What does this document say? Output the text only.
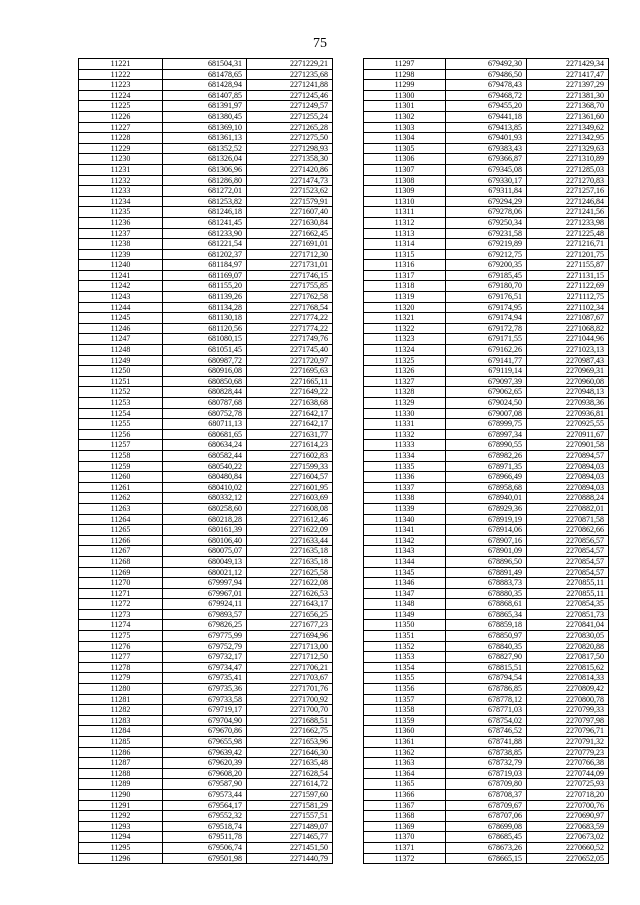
75
11221	681504,31	2271229,21
11222	681478,65	2271235,68
11223	681428,94	2271241,88
11224	681407,85	2271245,46
11225	681391,97	2271249,57
11226	681380,45	2271255,24
11227	681369,10	2271265,28
11228	681361,13	2271275,50
11229	681352,52	2271298,93
11230	681326,04	2271358,30
11231	681306,96	2271420,86
11232	681286,80	2271474,73
11233	681272,01	2271523,62
11234	681253,82	2271579,91
11235	681246,18	2271607,40
11236	681241,45	2271630,84
11237	681233,90	2271662,45
11238	681221,54	2271691,01
11239	681202,37	2271712,30
11240	681184,97	2271731,01
11241	681169,07	2271746,15
11242	681155,20	2271755,85
11243	681139,26	2271762,58
11244	681134,28	2271768,54
11245	681130,18	2271774,22
11246	681120,56	2271774,22
11247	681080,15	2271749,76
11248	681051,45	2271745,40
11249	680987,72	2271720,97
11250	680916,08	2271695,63
11251	680850,68	2271665,11
11252	680828,44	2271649,22
11253	680787,68	2271638,68
11254	680752,78	2271642,17
11255	680711,13	2271642,17
11256	680681,65	2271631,77
11257	680634,24	2271614,23
11258	680582,44	2271602,83
11259	680540,22	2271599,33
11260	680480,84	2271604,57
11261	680410,02	2271601,95
11262	680332,12	2271603,69
11263	680258,60	2271608,08
11264	680218,28	2271612,46
11265	680161,39	2271622,09
11266	680106,40	2271633,44
11267	680075,07	2271635,18
11268	680049,13	2271635,18
11269	680021,12	2271625,58
11270	679997,94	2271622,08
11271	679967,01	2271626,53
11272	679924,11	2271643,17
11273	679893,57	2271656,25
11274	679826,25	2271677,23
11275	679775,99	2271694,96
11276	679752,79	2271713,00
11277	679732,17	2271712,50
11278	679734,47	2271706,21
11279	679735,41	2271703,67
11280	679735,36	2271701,76
11281	679733,58	2271700,92
11282	679719,17	2271700,70
11283	679704,90	2271688,51
11284	679670,86	2271662,75
11285	679655,98	2271653,96
11286	679639,42	2271646,30
11287	679620,39	2271635,48
11288	679608,20	2271628,54
11289	679587,90	2271614,72
11290	679573,44	2271597,60
11291	679564,17	2271581,29
11292	679552,32	2271557,51
11293	679518,74	2271489,07
11294	679511,78	2271465,77
11295	679506,74	2271451,50
11296	679501,98	2271440,79
11297	679492,30	2271429,34
11298	679486,50	2271417,47
11299	679478,43	2271397,29
11300	679468,72	2271381,30
11301	679455,20	2271368,70
11302	679441,18	2271361,60
11303	679413,85	2271349,62
11304	679401,93	2271342,95
11305	679383,43	2271329,63
11306	679366,87	2271310,89
11307	679345,08	2271285,03
11308	679330,17	2271270,83
11309	679311,84	2271257,16
11310	679294,29	2271246,84
11311	679278,06	2271241,56
11312	679250,34	2271233,98
11313	679231,58	2271225,48
11314	679219,89	2271216,71
11315	679212,75	2271201,75
11316	679200,35	2271155,87
11317	679185,45	2271131,15
11318	679180,70	2271122,69
11319	679176,51	2271112,75
11320	679174,95	2271102,34
11321	679174,94	2271087,67
11322	679172,78	2271068,82
11323	679171,55	2271044,96
11324	679162,26	2271023,13
11325	679141,77	2270987,43
11326	679119,14	2270969,31
11327	679097,39	2270960,08
11328	679062,65	2270948,13
11329	679024,50	2270938,36
11330	679007,08	2270936,81
11331	678999,75	2270925,55
11332	678997,34	2270911,67
11333	678990,55	2270901,58
11334	678982,26	2270894,57
11335	678971,35	2270894,03
11336	678966,49	2270894,03
11337	678958,68	2270894,03
11338	678940,01	2270888,24
11339	678929,36	2270882,01
11340	678919,19	2270871,58
11341	678914,06	2270862,66
11342	678907,16	2270856,57
11343	678901,09	2270854,57
11344	678896,50	2270854,57
11345	678891,49	2270854,57
11346	678883,73	2270855,11
11347	678880,35	2270855,11
11348	678868,61	2270854,35
11349	678865,34	2270851,73
11350	678859,18	2270841,04
11351	678850,97	2270830,05
11352	678840,35	2270820,88
11353	678827,90	2270817,50
11354	678815,51	2270815,62
11355	678794,54	2270814,33
11356	678786,85	2270809,42
11357	678778,12	2270800,78
11358	678771,03	2270799,33
11359	678754,02	2270797,98
11360	678746,52	2270796,71
11361	678741,88	2270791,32
11362	678738,85	2270779,23
11363	678732,79	2270766,38
11364	678719,03	2270744,09
11365	678709,80	2270725,93
11366	678708,37	2270718,20
11367	678709,67	2270700,76
11368	678707,06	2270690,97
11369	678699,08	2270683,59
11370	678685,45	2270673,02
11371	678673,26	2270660,52
11372	678665,15	2270652,05
